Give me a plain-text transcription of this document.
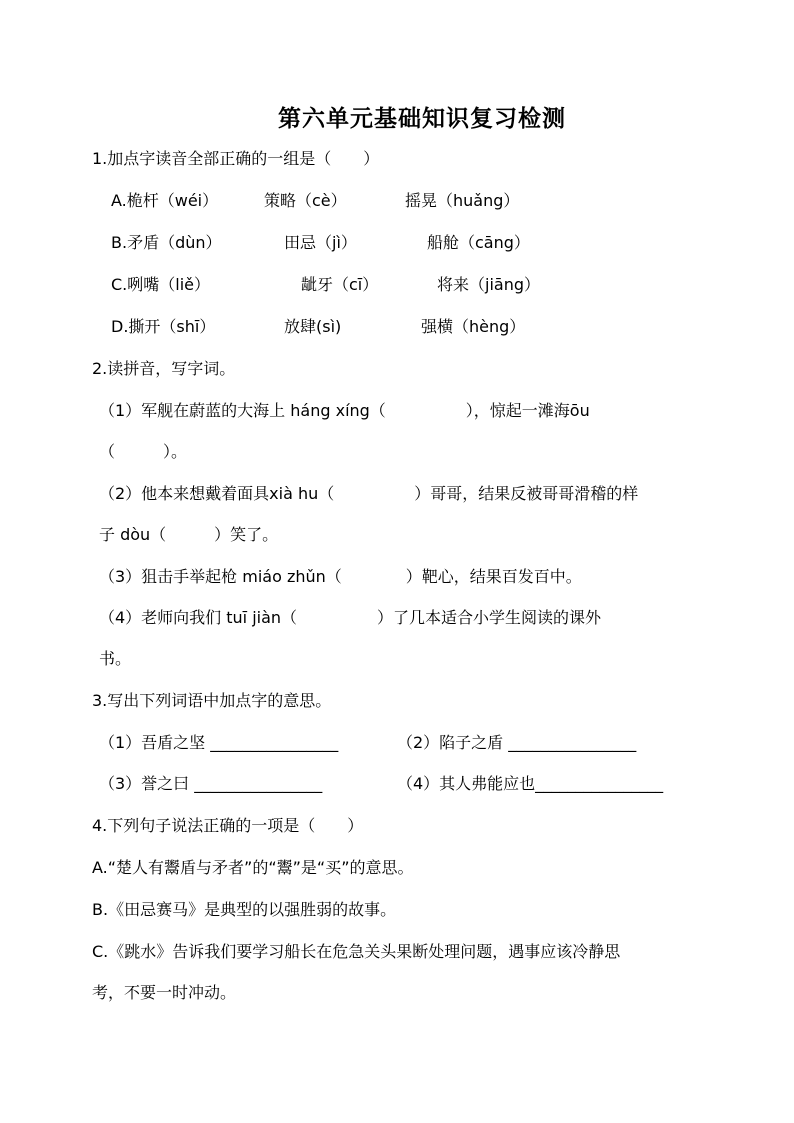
第六单元基础知识复习检测
1.加点字读音全部正确的一组是（　　）
A.桅杆（wéi）	策略（cè）	摇晃（huǎng）
B.矛盾（dùn）	田忌（jì）	船舱（cāng）
C.咧嘴（liě）	龇牙（cī）	将来（jiāng）
D.撕开（shī）	放肆(sì)	强横（hèng）
2.读拼音，写字词。
（1）军舰在蔚蓝的大海上 háng xíng（　　　　　），惊起一滩海ōu
（　　　）。
（2）他本来想戴着面具xià hu（　　　　　）哥哥，结果反被哥哥滑稽的样
子 dòu（　　　）笑了。
（3）狙击手举起枪 miáo zhǔn（　　　　）靶心，结果百发百中。
（4）老师向我们 tuī jiàn（　　　　　）了几本适合小学生阅读的课外
书。
3.写出下列词语中加点字的意思。
（1）吾盾之坚 ________________	（2）陷子之盾 ________________
（3）誉之曰 ________________	（4）其人弗能应也________________
4.下列句子说法正确的一项是（　　）
A.“楚人有鬻盾与矛者”的“鬻”是“买”的意思。
B.《田忌赛马》是典型的以强胜弱的故事。
C.《跳水》告诉我们要学习船长在危急关头果断处理问题，遇事应该冷静思
考，不要一时冲动。
